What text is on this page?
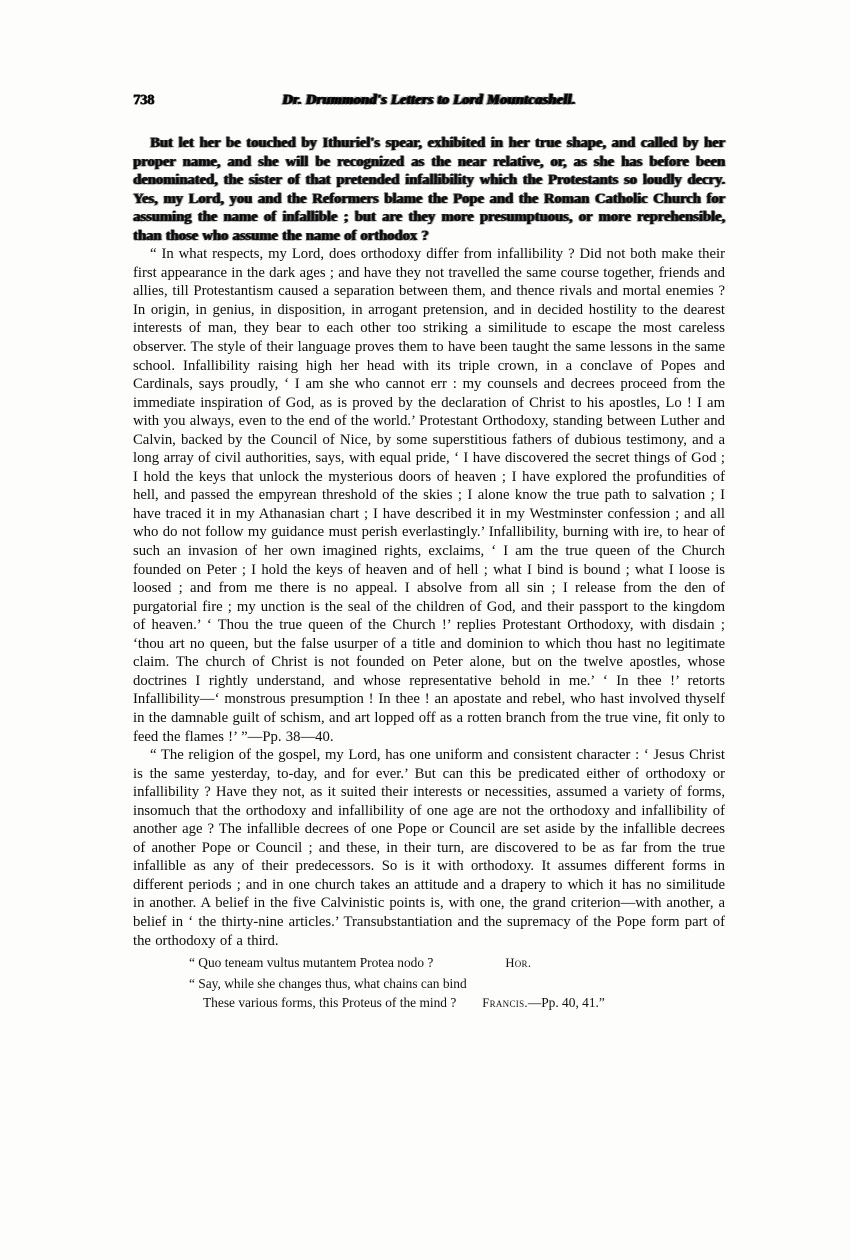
738	Dr. Drummond's Letters to Lord Mountcashell.

But let her be touched by Ithuriel's spear, exhibited in her true shape, and called by her proper name, and she will be recognized as the near relative, or, as she has before been denominated, the sister of that pretended infallibility which the Protestants so loudly decry. Yes, my Lord, you and the Reformers blame the Pope and the Roman Catholic Church for assuming the name of infallible ; but are they more presumptuous, or more reprehensible, than those who assume the name of orthodox ?

“ In what respects, my Lord, does orthodoxy differ from infallibility ? Did not both make their first appearance in the dark ages ; and have they not travelled the same course together, friends and allies, till Protestantism caused a separation between them, and thence rivals and mortal enemies ? In origin, in genius, in disposition, in arrogant pretension, and in decided hostility to the dearest interests of man, they bear to each other too striking a similitude to escape the most careless observer. The style of their language proves them to have been taught the same lessons in the same school. Infallibility raising high her head with its triple crown, in a conclave of Popes and Cardinals, says proudly, ‘ I am she who cannot err : my counsels and decrees proceed from the immediate inspiration of God, as is proved by the declaration of Christ to his apostles, Lo ! I am with you always, even to the end of the world.’ Protestant Orthodoxy, standing between Luther and Calvin, backed by the Council of Nice, by some superstitious fathers of dubious testimony, and a long array of civil authorities, says, with equal pride, ‘ I have discovered the secret things of God ; I hold the keys that unlock the mysterious doors of heaven ; I have explored the profundities of hell, and passed the empyrean threshold of the skies ; I alone know the true path to salvation ; I have traced it in my Athanasian chart ; I have described it in my Westminster confession ; and all who do not follow my guidance must perish everlastingly.’ Infallibility, burning with ire, to hear of such an invasion of her own imagined rights, exclaims, ‘ I am the true queen of the Church founded on Peter ; I hold the keys of heaven and of hell ; what I bind is bound ; what I loose is loosed ; and from me there is no appeal. I absolve from all sin ; I release from the den of purgatorial fire ; my unction is the seal of the children of God, and their passport to the kingdom of heaven.’ ‘ Thou the true queen of the Church !’ replies Protestant Orthodoxy, with disdain ; ‘thou art no queen, but the false usurper of a title and dominion to which thou hast no legitimate claim. The church of Christ is not founded on Peter alone, but on the twelve apostles, whose doctrines I rightly understand, and whose representative behold in me.’ ‘ In thee !’ retorts Infallibility—‘ monstrous presumption ! In thee ! an apostate and rebel, who hast involved thyself in the damnable guilt of schism, and art lopped off as a rotten branch from the true vine, fit only to feed the flames !’ ”—Pp. 38—40.

“ The religion of the gospel, my Lord, has one uniform and consistent character : ‘ Jesus Christ is the same yesterday, to-day, and for ever.’ But can this be predicated either of orthodoxy or infallibility ? Have they not, as it suited their interests or necessities, assumed a variety of forms, insomuch that the orthodoxy and infallibility of one age are not the orthodoxy and infallibility of another age ? The infallible decrees of one Pope or Council are set aside by the infallible decrees of another Pope or Council ; and these, in their turn, are discovered to be as far from the true infallible as any of their predecessors. So is it with orthodoxy. It assumes different forms in different periods ; and in one church takes an attitude and a drapery to which it has no similitude in another. A belief in the five Calvinistic points is, with one, the grand criterion—with another, a belief in ‘ the thirty-nine articles.’ Transubstantiation and the supremacy of the Pope form part of the orthodoxy of a third.

“ Quo teneam vultus mutantem Protea nodo ?	Hor.
“ Say, while she changes thus, what chains can bind
These various forms, this Proteus of the mind ? Francis.—Pp. 40, 41.”
